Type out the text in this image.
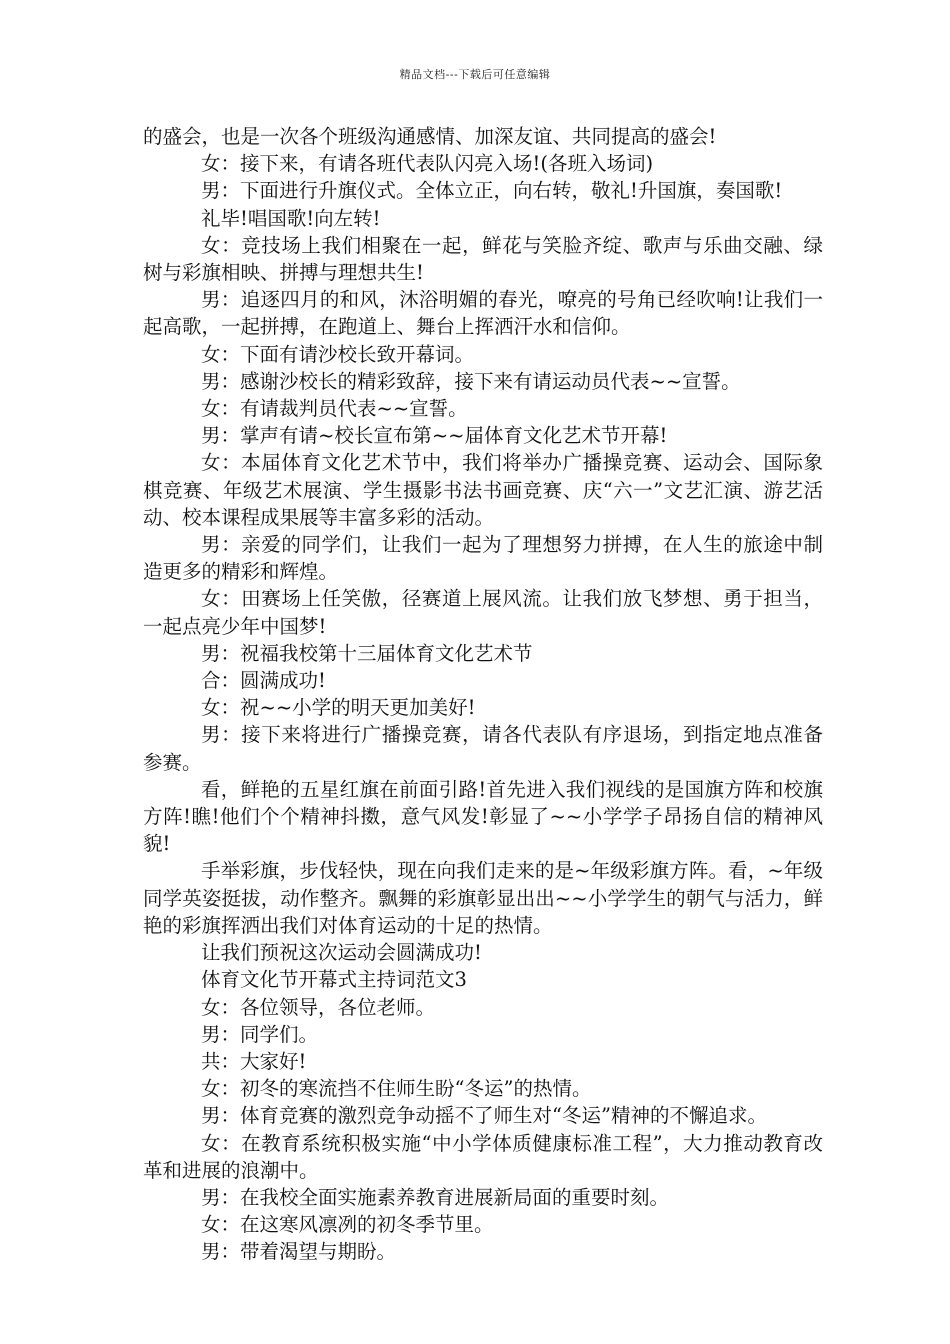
精品文档---下载后可任意编辑

的盛会，也是一次各个班级沟通感情、加深友谊、共同提高的盛会!

女：接下来，有请各班代表队闪亮入场!(各班入场词)

男：下面进行升旗仪式。全体立正，向右转，敬礼!升国旗，奏国歌!

礼毕!唱国歌!向左转!

女：竞技场上我们相聚在一起，鲜花与笑脸齐绽、歌声与乐曲交融、绿树与彩旗相映、拼搏与理想共生!

男：追逐四月的和风，沐浴明媚的春光，嘹亮的号角已经吹响!让我们一起高歌，一起拼搏，在跑道上、舞台上挥洒汗水和信仰。

女：下面有请沙校长致开幕词。

男：感谢沙校长的精彩致辞，接下来有请运动员代表~~宣誓。

女：有请裁判员代表~~宣誓。

男：掌声有请~校长宣布第~~届体育文化艺术节开幕!

女：本届体育文化艺术节中，我们将举办广播操竞赛、运动会、国际象棋竞赛、年级艺术展演、学生摄影书法书画竞赛、庆“六一”文艺汇演、游艺活动、校本课程成果展等丰富多彩的活动。

男：亲爱的同学们，让我们一起为了理想努力拼搏，在人生的旅途中制造更多的精彩和辉煌。

女：田赛场上任笑傲，径赛道上展风流。让我们放飞梦想、勇于担当，一起点亮少年中国梦!

男：祝福我校第十三届体育文化艺术节

合：圆满成功!

女：祝~~小学的明天更加美好!

男：接下来将进行广播操竞赛，请各代表队有序退场，到指定地点准备参赛。

看，鲜艳的五星红旗在前面引路!首先进入我们视线的是国旗方阵和校旗方阵!瞧!他们个个精神抖擞，意气风发!彰显了~~小学学子昂扬自信的精神风貌!

手举彩旗，步伐轻快，现在向我们走来的是~年级彩旗方阵。看，~年级同学英姿挺拔，动作整齐。飘舞的彩旗彰显出出~~小学学生的朝气与活力，鲜艳的彩旗挥洒出我们对体育运动的十足的热情。

让我们预祝这次运动会圆满成功!

体育文化节开幕式主持词范文3

女：各位领导，各位老师。

男：同学们。

共：大家好!

女：初冬的寒流挡不住师生盼“冬运”的热情。

男：体育竞赛的激烈竞争动摇不了师生对“冬运”精神的不懈追求。

女：在教育系统积极实施“中小学体质健康标准工程”，大力推动教育改革和进展的浪潮中。

男：在我校全面实施素养教育进展新局面的重要时刻。

女：在这寒风凛冽的初冬季节里。

男：带着渴望与期盼。
